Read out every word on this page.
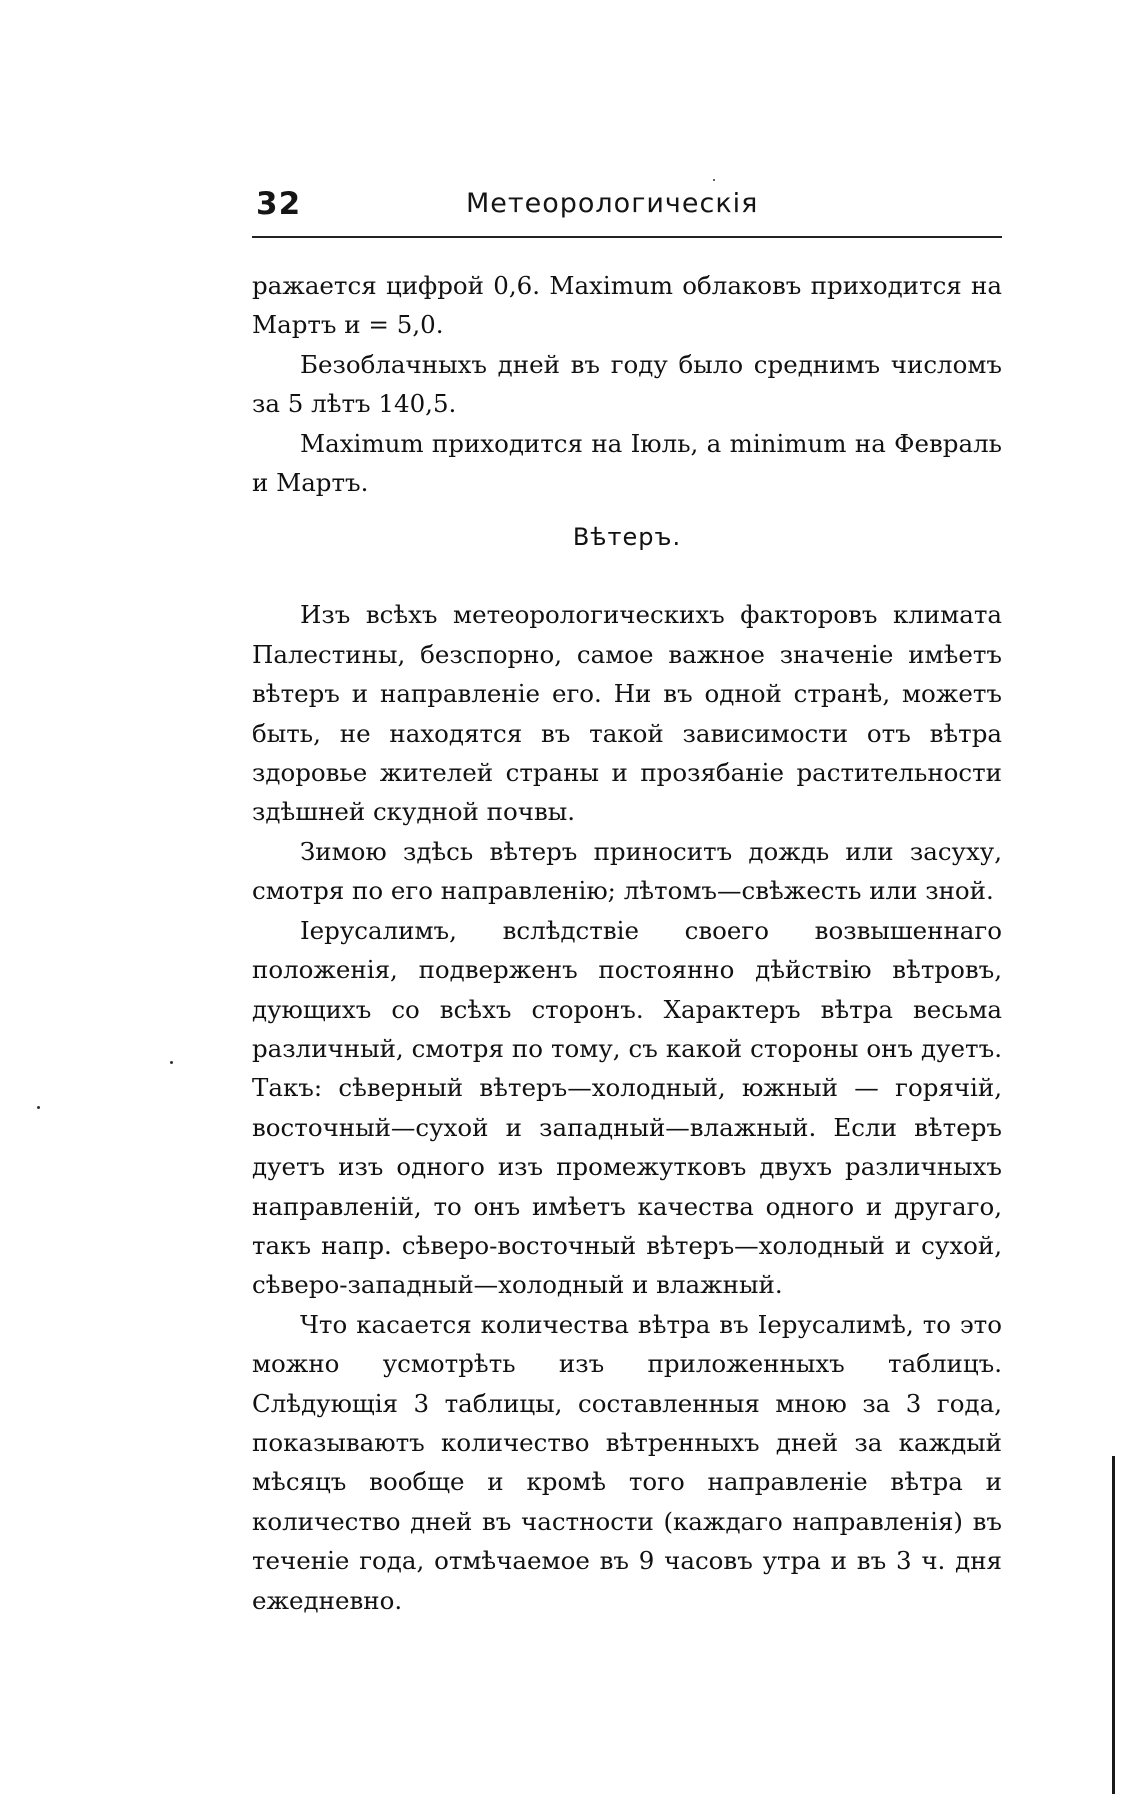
32	Метеорологическія

ражается цифрой 0,6. Maximum облаковъ приходится на Мартъ и = 5,0.

Безоблачныхъ дней въ году было среднимъ числомъ за 5 лѣтъ 140,5.

Maximum приходится на Іюль, а minimum на Февраль и Мартъ.

Вѣтеръ.

Изъ всѣхъ метеорологическихъ факторовъ климата Палестины, безспорно, самое важное значеніе имѣетъ вѣтеръ и направленіе его. Ни въ одной странѣ, можетъ быть, не находятся въ такой зависимости отъ вѣтра здоровье жителей страны и прозябаніе растительности здѣшней скудной почвы.

Зимою здѣсь вѣтеръ приноситъ дождь или засуху, смотря по его направленію; лѣтомъ—свѣжесть или зной.

Іерусалимъ, вслѣдствіе своего возвышеннаго положенія, подверженъ постоянно дѣйствію вѣтровъ, дующихъ со всѣхъ сторонъ. Характеръ вѣтра весьма различный, смотря по тому, съ какой стороны онъ дуетъ. Такъ: сѣверный вѣтеръ—холодный, южный — горячій, восточный—сухой и западный—влажный. Если вѣтеръ дуетъ изъ одного изъ промежутковъ двухъ различныхъ направленій, то онъ имѣетъ качества одного и другаго, такъ напр. сѣверо-восточный вѣтеръ—холодный и сухой, сѣверо-западный—холодный и влажный.

Что касается количества вѣтра въ Іерусалимѣ, то это можно усмотрѣть изъ приложенныхъ таблицъ. Слѣдующія 3 таблицы, составленныя мною за 3 года, показываютъ количество вѣтренныхъ дней за каждый мѣсяцъ вообще и кромѣ того направленіе вѣтра и количество дней въ частности (каждаго направленія) въ теченіе года, отмѣчаемое въ 9 часовъ утра и въ 3 ч. дня ежедневно.
